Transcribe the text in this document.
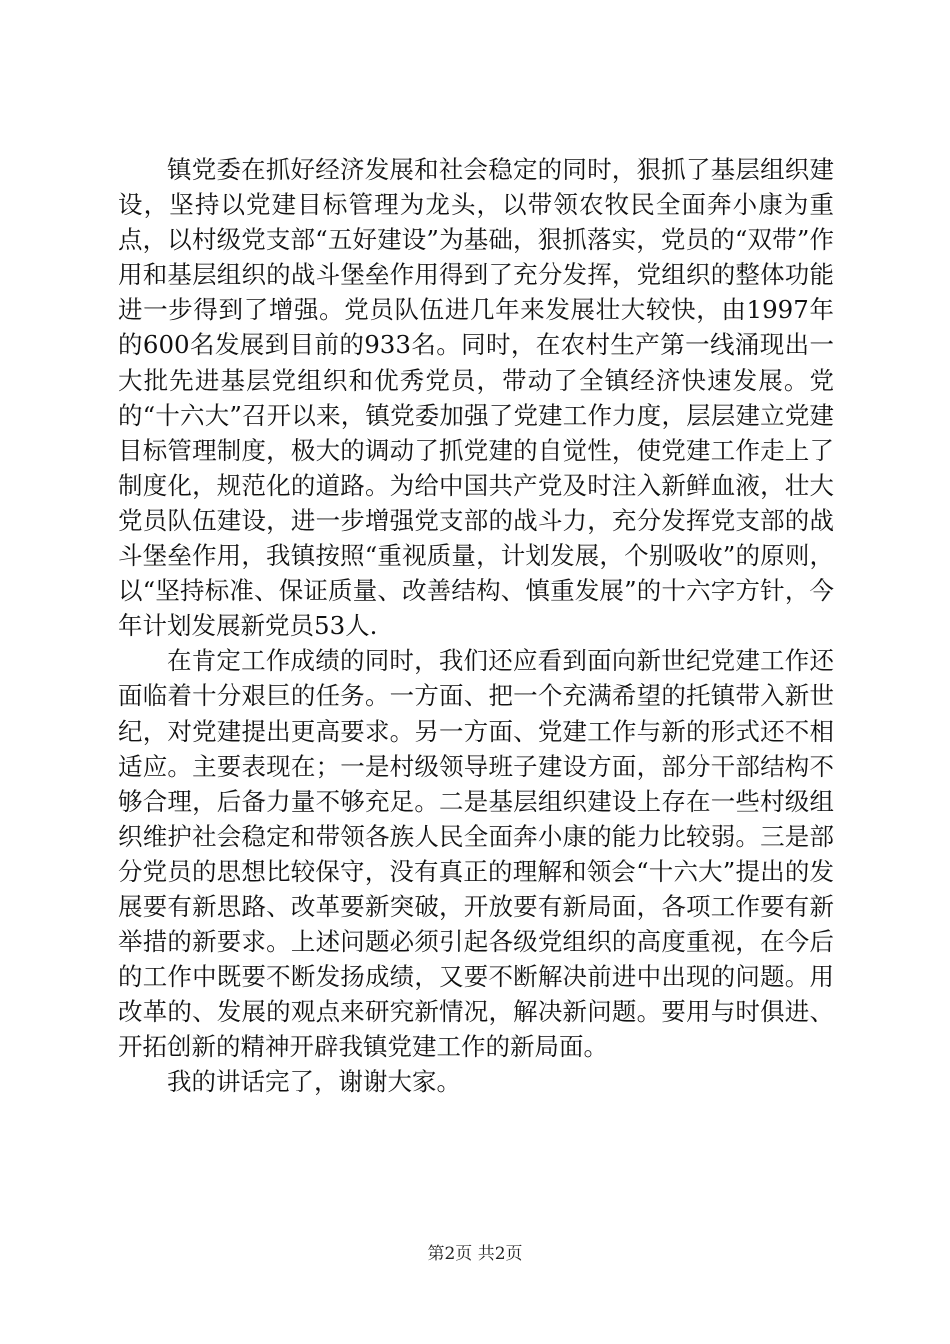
镇党委在抓好经济发展和社会稳定的同时，狠抓了基层组织建设，坚持以党建目标管理为龙头，以带领农牧民全面奔小康为重点，以村级党支部“五好建设”为基础，狠抓落实，党员的“双带”作用和基层组织的战斗堡垒作用得到了充分发挥，党组织的整体功能进一步得到了增强。党员队伍进几年来发展壮大较快，由1997年的600名发展到目前的933名。同时，在农村生产第一线涌现出一大批先进基层党组织和优秀党员，带动了全镇经济快速发展。党的“十六大”召开以来，镇党委加强了党建工作力度，层层建立党建目标管理制度，极大的调动了抓党建的自觉性，使党建工作走上了制度化，规范化的道路。为给中国共产党及时注入新鲜血液，壮大党员队伍建设，进一步增强党支部的战斗力，充分发挥党支部的战斗堡垒作用，我镇按照“重视质量，计划发展，个别吸收”的原则，以“坚持标准、保证质量、改善结构、慎重发展”的十六字方针，今年计划发展新党员53人.

在肯定工作成绩的同时，我们还应看到面向新世纪党建工作还面临着十分艰巨的任务。一方面、把一个充满希望的托镇带入新世纪，对党建提出更高要求。另一方面、党建工作与新的形式还不相适应。主要表现在；一是村级领导班子建设方面，部分干部结构不够合理，后备力量不够充足。二是基层组织建设上存在一些村级组织维护社会稳定和带领各族人民全面奔小康的能力比较弱。三是部分党员的思想比较保守，没有真正的理解和领会“十六大”提出的发展要有新思路、改革要新突破，开放要有新局面，各项工作要有新举措的新要求。上述问题必须引起各级党组织的高度重视，在今后的工作中既要不断发扬成绩，又要不断解决前进中出现的问题。用改革的、发展的观点来研究新情况，解决新问题。要用与时俱进、开拓创新的精神开辟我镇党建工作的新局面。

我的讲话完了，谢谢大家。

第2页 共2页
